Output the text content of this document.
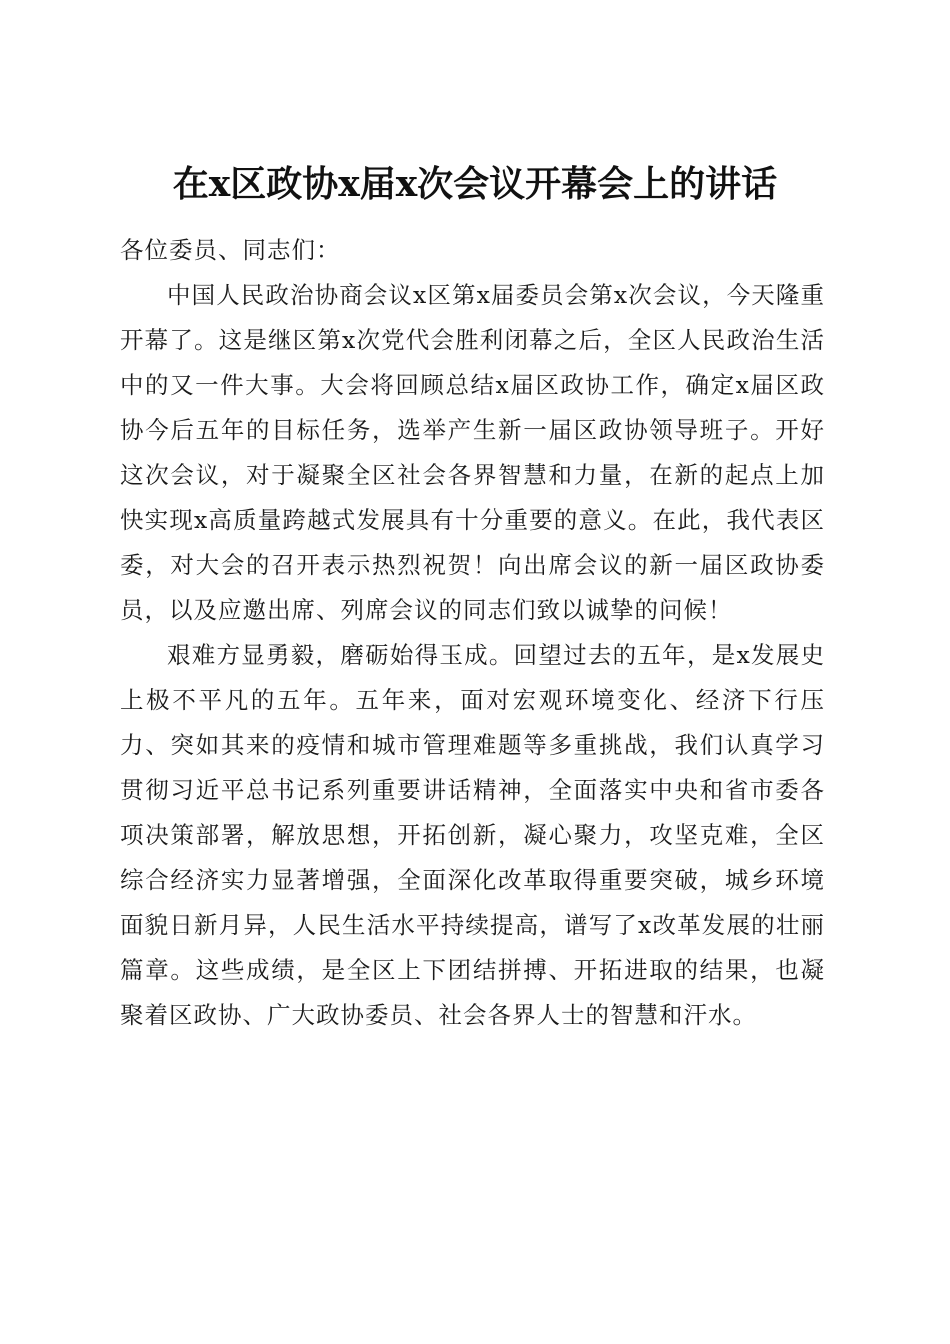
在x区政协x届x次会议开幕会上的讲话

各位委员、同志们：

中国人民政治协商会议x区第x届委员会第x次会议，今天隆重开幕了。这是继区第x次党代会胜利闭幕之后，全区人民政治生活中的又一件大事。大会将回顾总结x届区政协工作，确定x届区政协今后五年的目标任务，选举产生新一届区政协领导班子。开好这次会议，对于凝聚全区社会各界智慧和力量，在新的起点上加快实现x高质量跨越式发展具有十分重要的意义。在此，我代表区委，对大会的召开表示热烈祝贺！向出席会议的新一届区政协委员，以及应邀出席、列席会议的同志们致以诚挚的问候！

艰难方显勇毅，磨砺始得玉成。回望过去的五年，是x发展史上极不平凡的五年。五年来，面对宏观环境变化、经济下行压力、突如其来的疫情和城市管理难题等多重挑战，我们认真学习贯彻习近平总书记系列重要讲话精神，全面落实中央和省市委各项决策部署，解放思想，开拓创新，凝心聚力，攻坚克难，全区综合经济实力显著增强，全面深化改革取得重要突破，城乡环境面貌日新月异，人民生活水平持续提高，谱写了x改革发展的壮丽篇章。这些成绩，是全区上下团结拼搏、开拓进取的结果，也凝聚着区政协、广大政协委员、社会各界人士的智慧和汗水。
